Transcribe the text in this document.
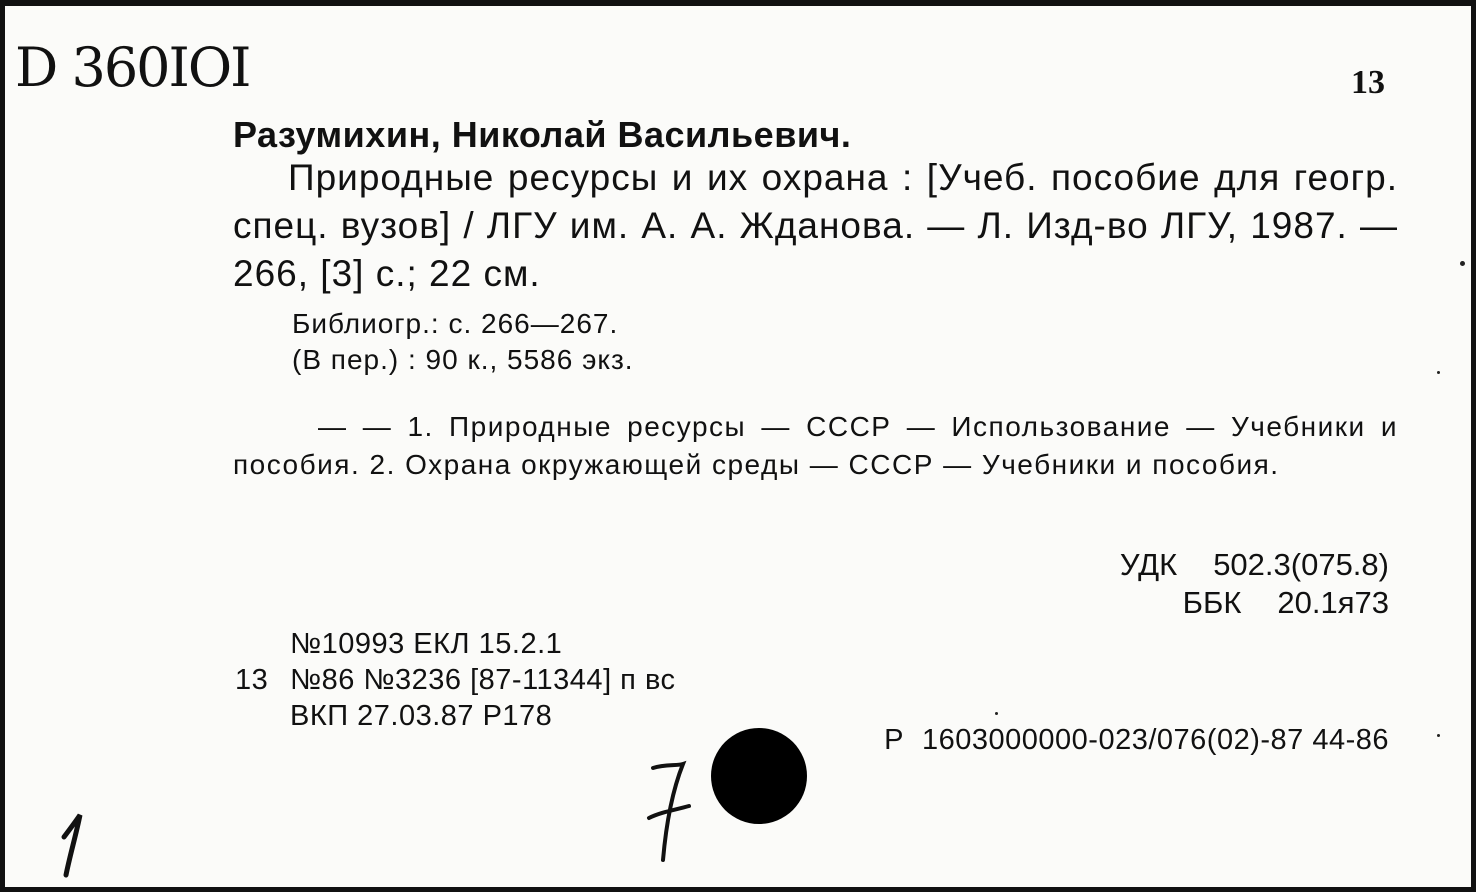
D 360IOI	13
Разумихин, Николай Васильевич.
Природные ресурсы и их охрана : [Учеб. пособие для геогр. спец. вузов] / ЛГУ им. А. А. Жданова. — Л. Изд-во ЛГУ, 1987. — 266, [3] с.; 22 см.
Библиогр.: с. 266—267.
(В пер.) : 90 к., 5586 экз.
— — 1. Природные ресурсы — СССР — Использование — Учебники и пособия. 2. Охрана окружающей среды — СССР — Учебники и пособия.
УДК 502.3(075.8)
ББК 20.1я73
№10993 ЕКЛ 15.2.1
13 №86 №3236 [87-11344] п вс
ВКП 27.03.87 Р178
Р 1603000000-023/076(02)-87 44-86
